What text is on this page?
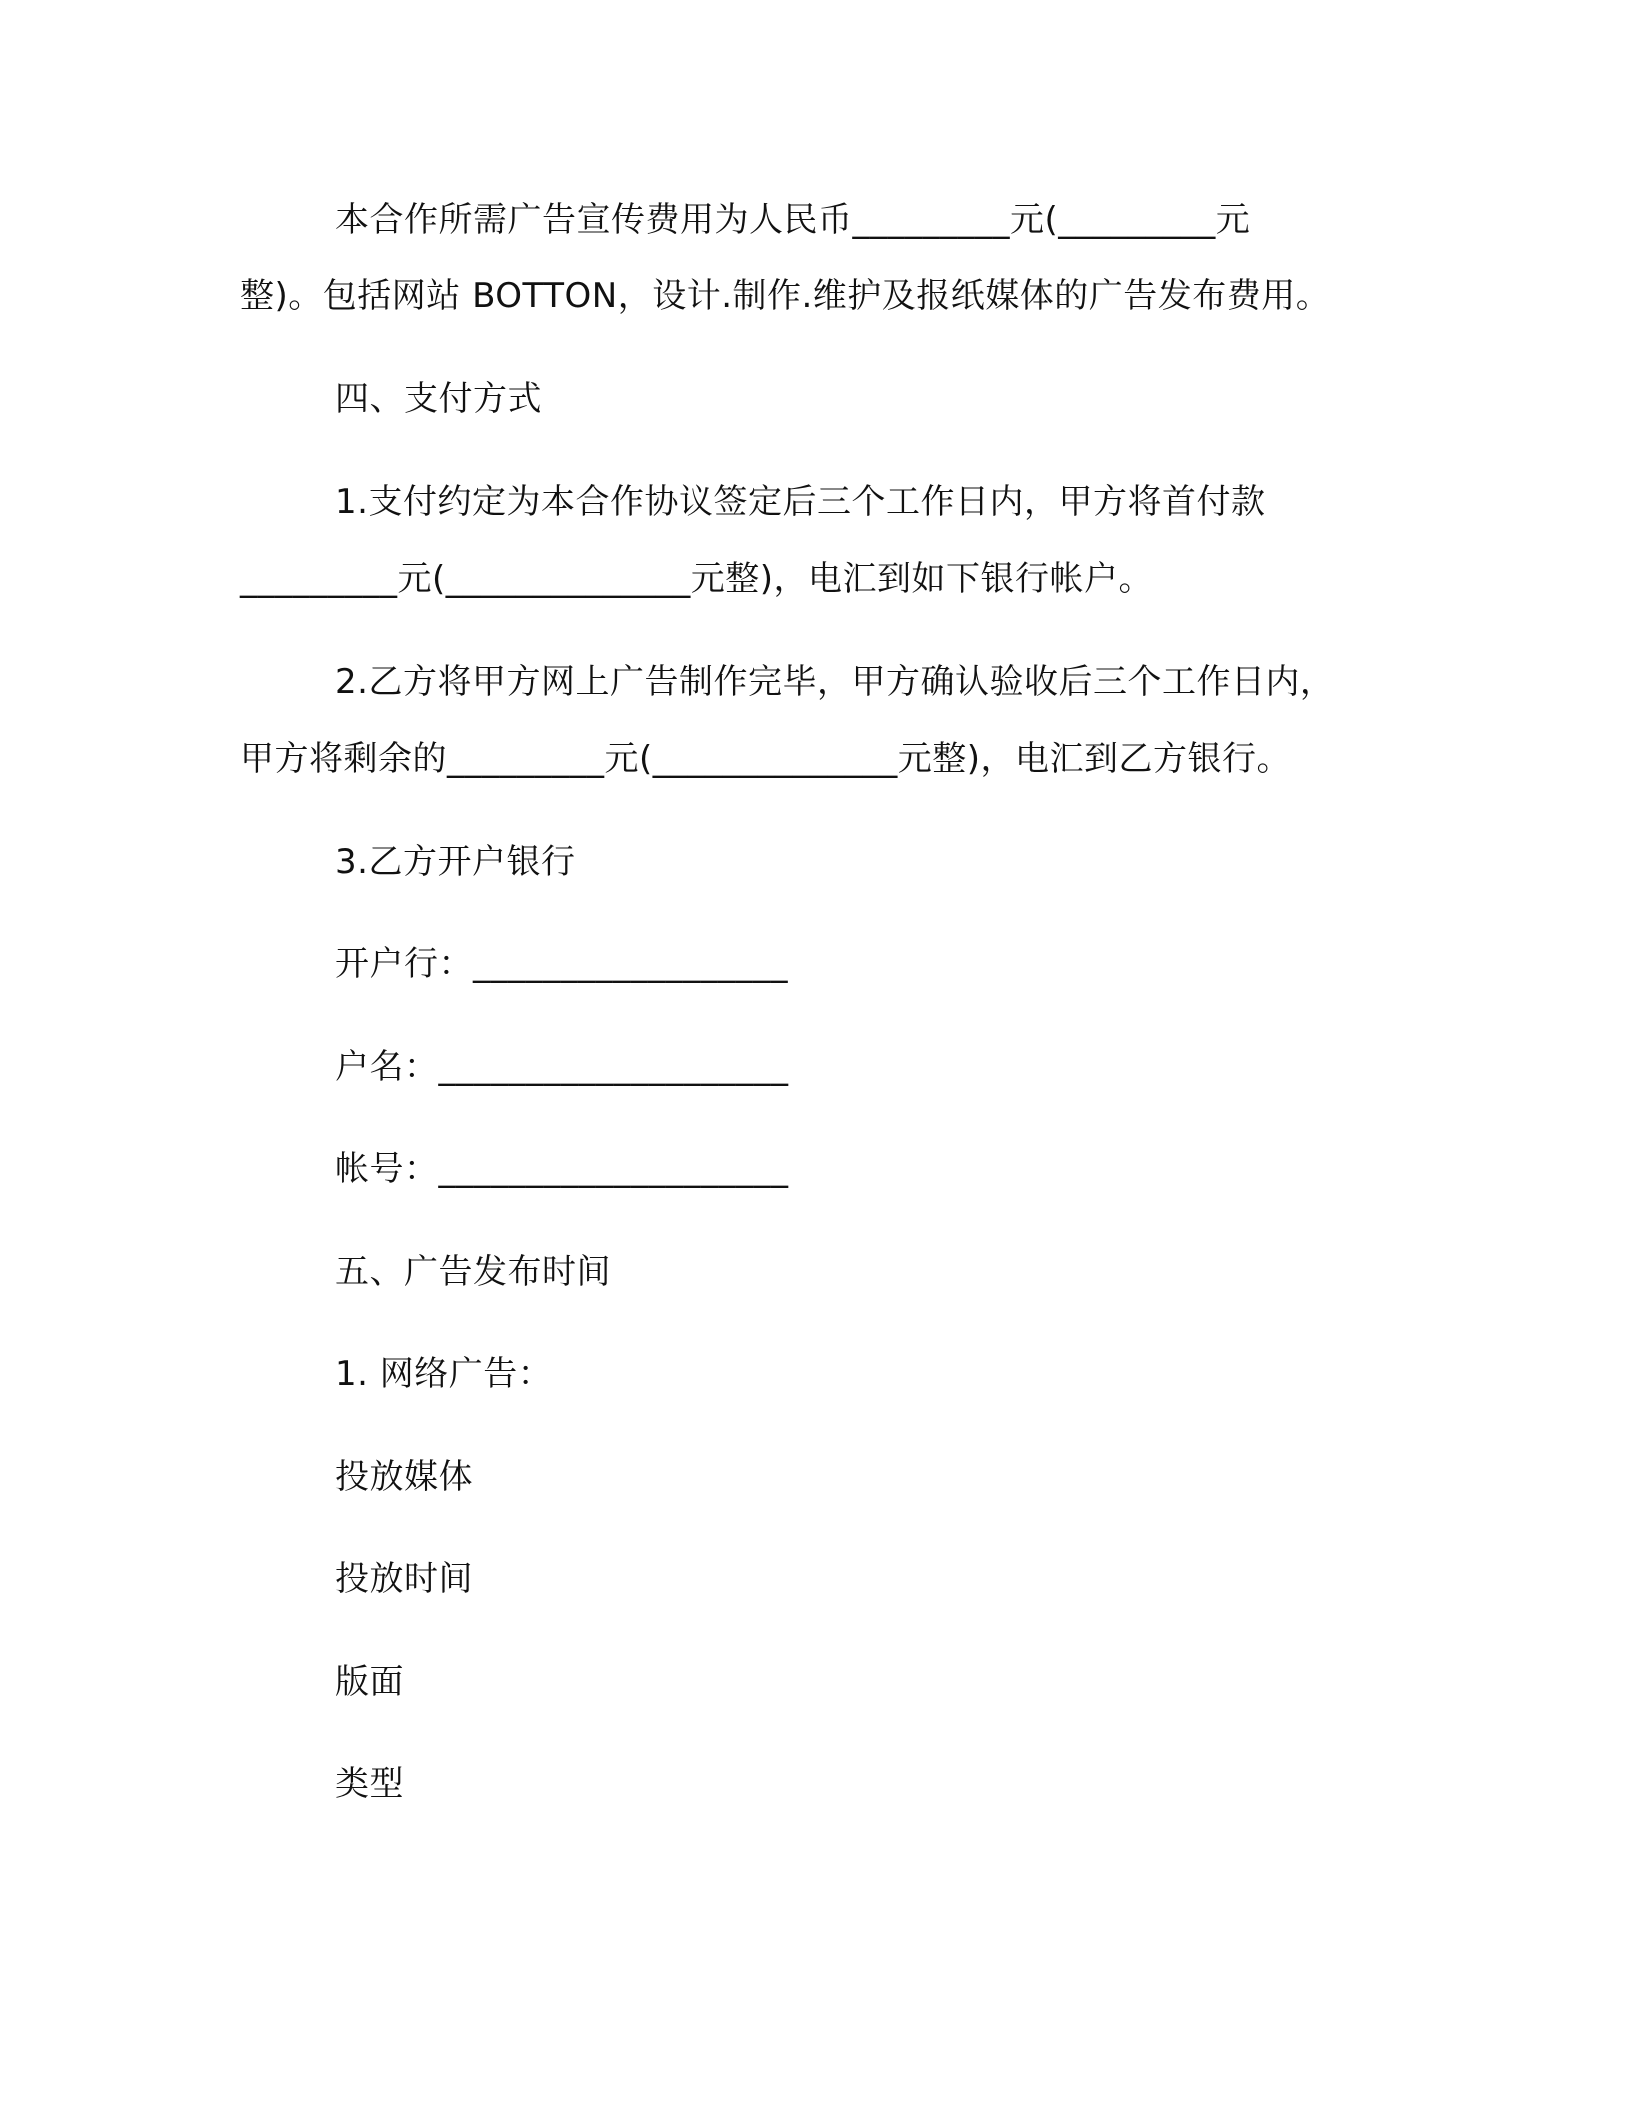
本合作所需广告宣传费用为人民币_________元(_________元
整)。包括网站 BOTTON，设计.制作.维护及报纸媒体的广告发布费用。
四、支付方式
1.支付约定为本合作协议签定后三个工作日内，甲方将首付款
_________元(______________元整)，电汇到如下银行帐户。
2.乙方将甲方网上广告制作完毕，甲方确认验收后三个工作日内，
甲方将剩余的_________元(______________元整)，电汇到乙方银行。
3.乙方开户银行
开户行：__________________
户名：____________________
帐号：____________________
五、广告发布时间
1. 网络广告：
投放媒体
投放时间
版面
类型
